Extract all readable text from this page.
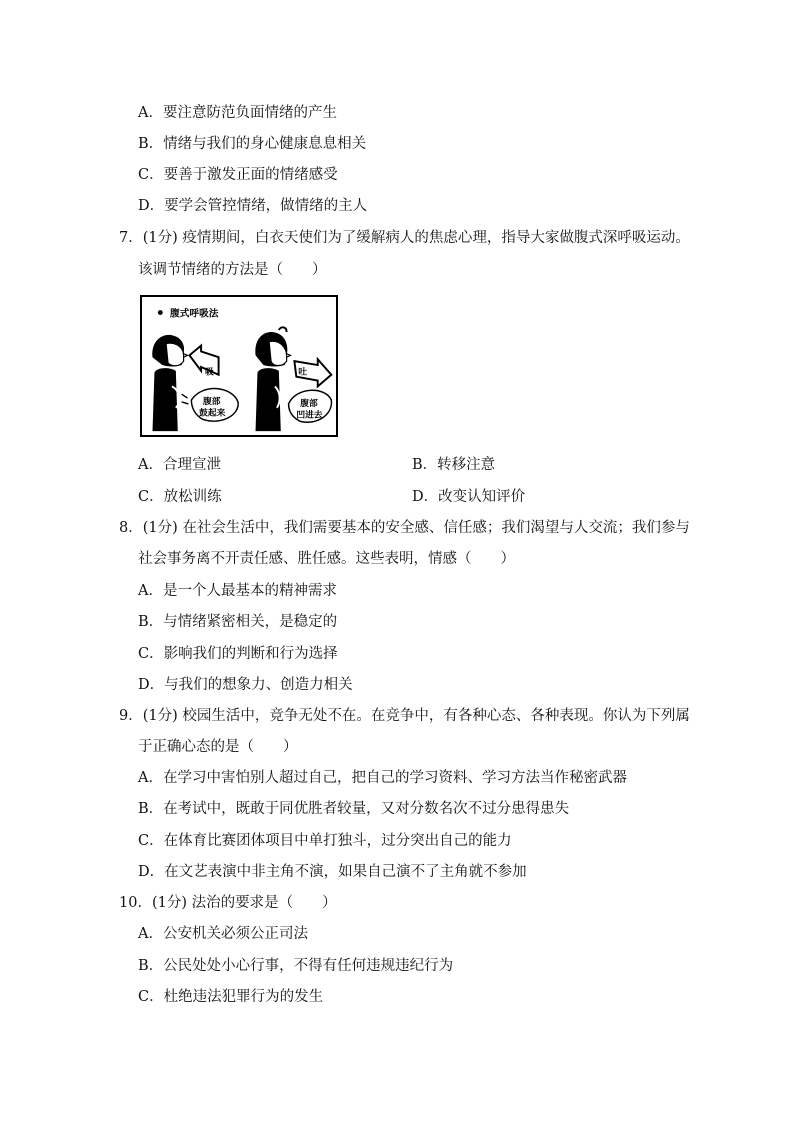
A．要注意防范负面情绪的产生
B．情绪与我们的身心健康息息相关
C．要善于激发正面的情绪感受
D．要学会管控情绪，做情绪的主人
7．(1分) 疫情期间，白衣天使们为了缓解病人的焦虑心理，指导大家做腹式深呼吸运动。
该调节情绪的方法是（　　）
腹式呼吸法
吸
腹部
鼓起来
吐
腹部
凹进去
A．合理宣泄	B．转移注意
C．放松训练	D．改变认知评价
8．(1分) 在社会生活中，我们需要基本的安全感、信任感；我们渴望与人交流；我们参与
社会事务离不开责任感、胜任感。这些表明，情感（　　）
A．是一个人最基本的精神需求
B．与情绪紧密相关，是稳定的
C．影响我们的判断和行为选择
D．与我们的想象力、创造力相关
9．(1分) 校园生活中，竞争无处不在。在竞争中，有各种心态、各种表现。你认为下列属
于正确心态的是（　　）
A．在学习中害怕别人超过自己，把自己的学习资料、学习方法当作秘密武器
B．在考试中，既敢于同优胜者较量，又对分数名次不过分患得患失
C．在体育比赛团体项目中单打独斗，过分突出自己的能力
D．在文艺表演中非主角不演，如果自己演不了主角就不参加
10．(1分) 法治的要求是（　　）
A．公安机关必须公正司法
B．公民处处小心行事，不得有任何违规违纪行为
C．杜绝违法犯罪行为的发生
